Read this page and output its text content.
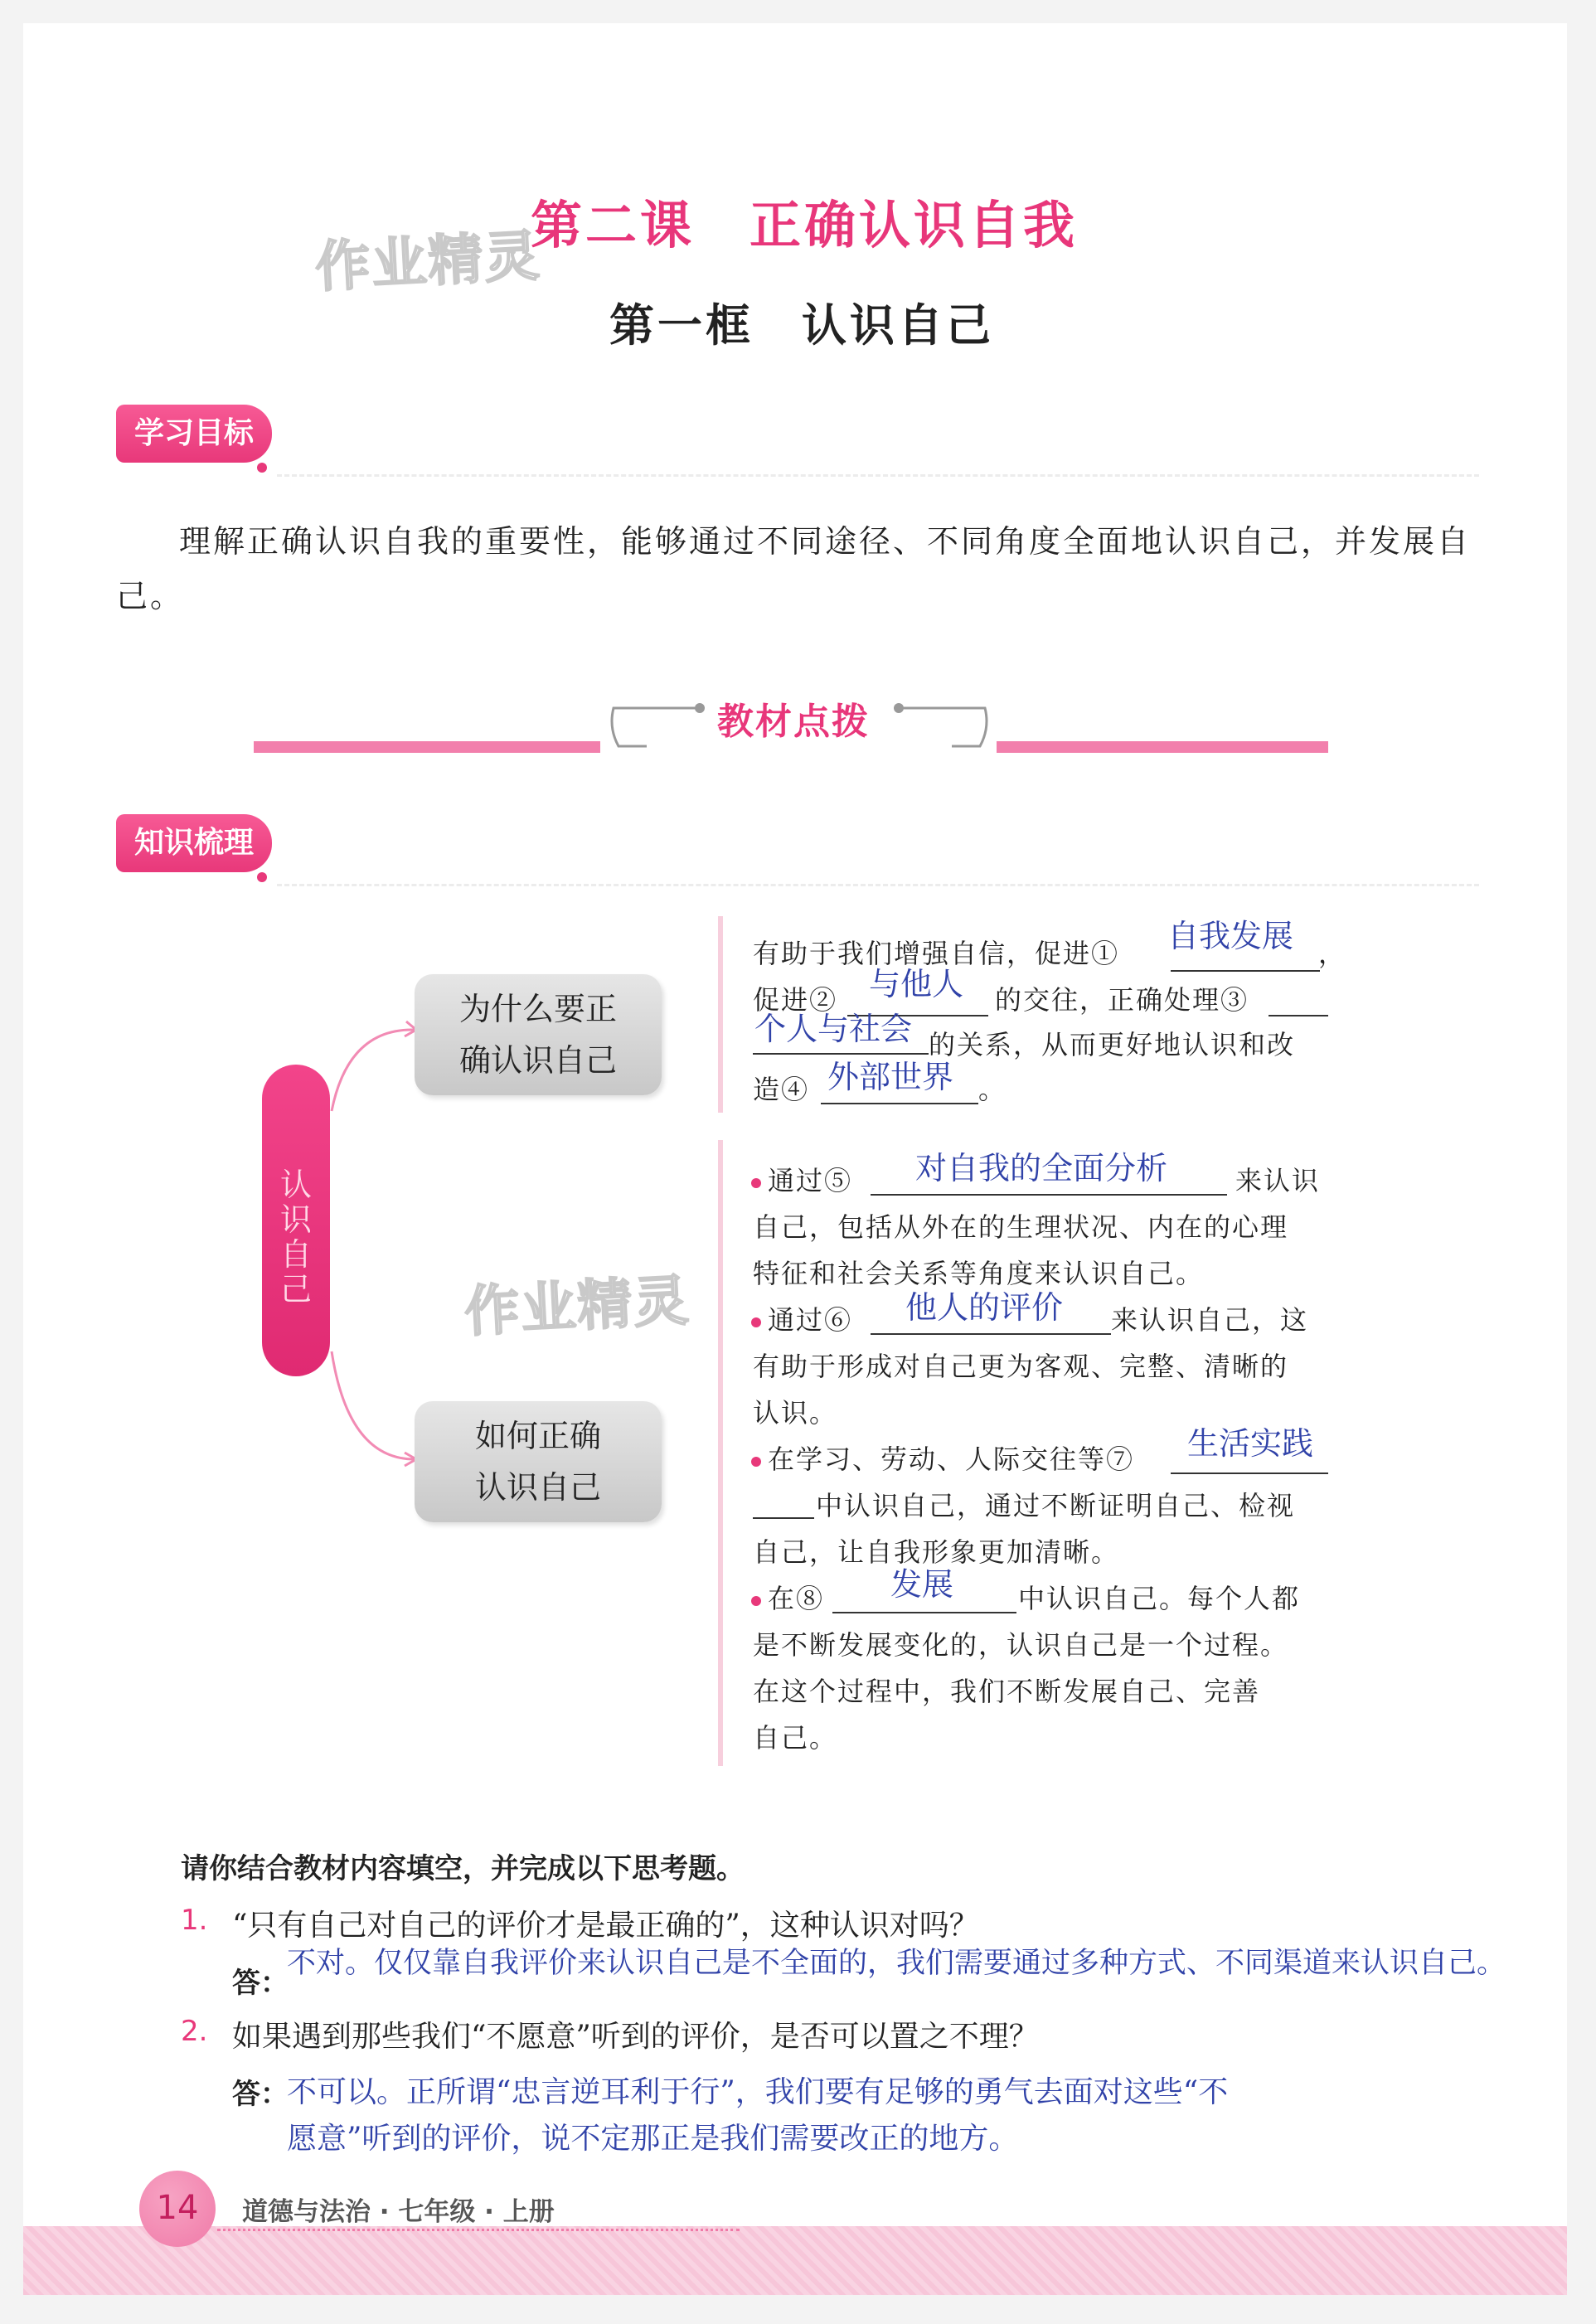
作业精灵
作业精灵
第二课　正确认识自我
第一框　认识自己
学习目标
理解正确认识自我的重要性，能够通过不同途径、不同角度全面地认识自己，并发展自己。
教材点拨
知识梳理
认识自己
为什么要正确认识自己
如何正确认识自己
有助于我们增强自信，促进① 自我发展 ，
促进② 与他人 的交往，正确处理③
个人与社会 的关系，从而更好地认识和改
造④ 外部世界 。
通过⑤ 对自我的全面分析	来认识
自己，包括从外在的生理状况、内在的心理
特征和社会关系等角度来认识自己。
通过⑥ 他人的评价 来认识自己，这
有助于形成对自己更为客观、完整、清晰的
认识。
在学习、劳动、人际交往等⑦ 生活实践
中认识自己，通过不断证明自己、检视
自己，让自我形象更加清晰。
在⑧ 发展 中认识自己。每个人都
是不断发展变化的，认识自己是一个过程。
在这个过程中，我们不断发展自己、完善
自己。
请你结合教材内容填空，并完成以下思考题。
1. “只有自己对自己的评价才是最正确的”，这种认识对吗？
答：
不对。仅仅靠自我评价来认识自己是不全面的，我们需要通过多种方式、不同渠道来认识自己。
2. 如果遇到那些我们“不愿意”听到的评价，是否可以置之不理？
答：
不可以。正所谓“忠言逆耳利于行”，我们要有足够的勇气去面对这些“不
愿意”听到的评价，说不定那正是我们需要改正的地方。
14	道德与法治 · 七年级 · 上册
